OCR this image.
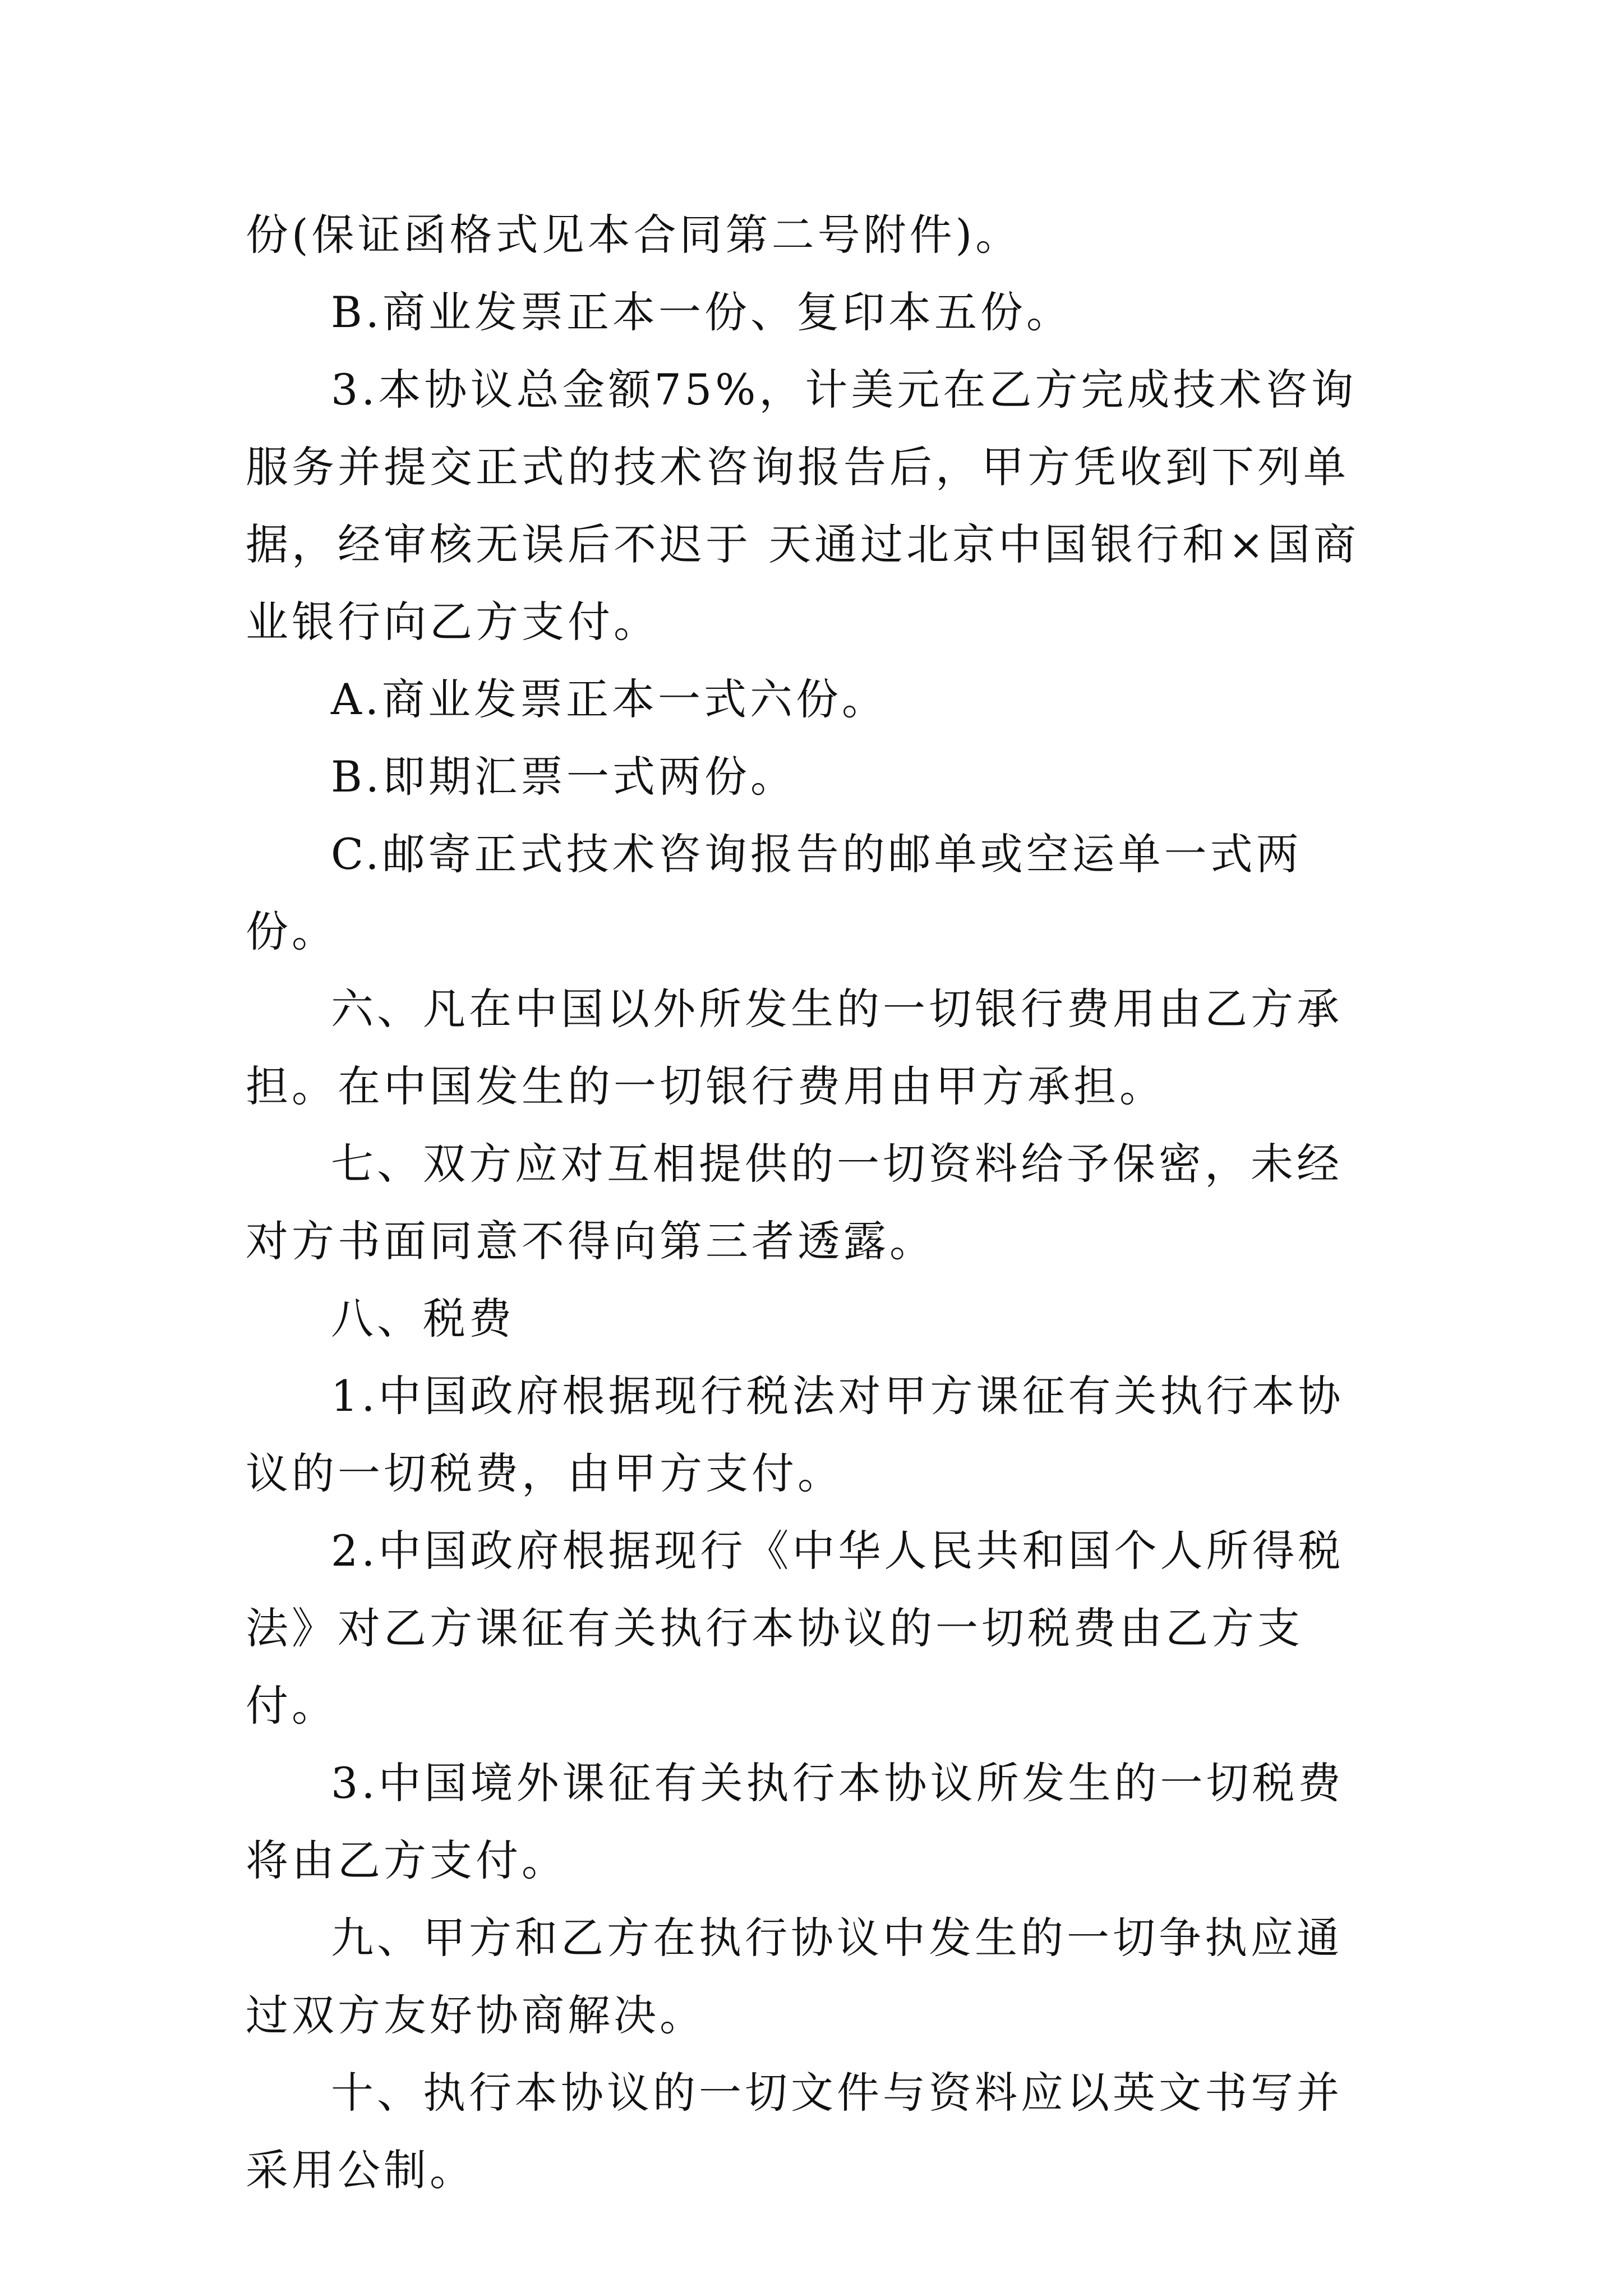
份(保证函格式见本合同第二号附件)。

B.商业发票正本一份、复印本五份。

3.本协议总金额75%，计美元在乙方完成技术咨询服务并提交正式的技术咨询报告后，甲方凭收到下列单据，经审核无误后不迟于 天通过北京中国银行和×国商业银行向乙方支付。

A.商业发票正本一式六份。

B.即期汇票一式两份。

C.邮寄正式技术咨询报告的邮单或空运单一式两份。

六、凡在中国以外所发生的一切银行费用由乙方承担。在中国发生的一切银行费用由甲方承担。

七、双方应对互相提供的一切资料给予保密，未经对方书面同意不得向第三者透露。

八、税费

1.中国政府根据现行税法对甲方课征有关执行本协议的一切税费，由甲方支付。

2.中国政府根据现行《中华人民共和国个人所得税法》对乙方课征有关执行本协议的一切税费由乙方支付。

3.中国境外课征有关执行本协议所发生的一切税费将由乙方支付。

九、甲方和乙方在执行协议中发生的一切争执应通过双方友好协商解决。

十、执行本协议的一切文件与资料应以英文书写并采用公制。
